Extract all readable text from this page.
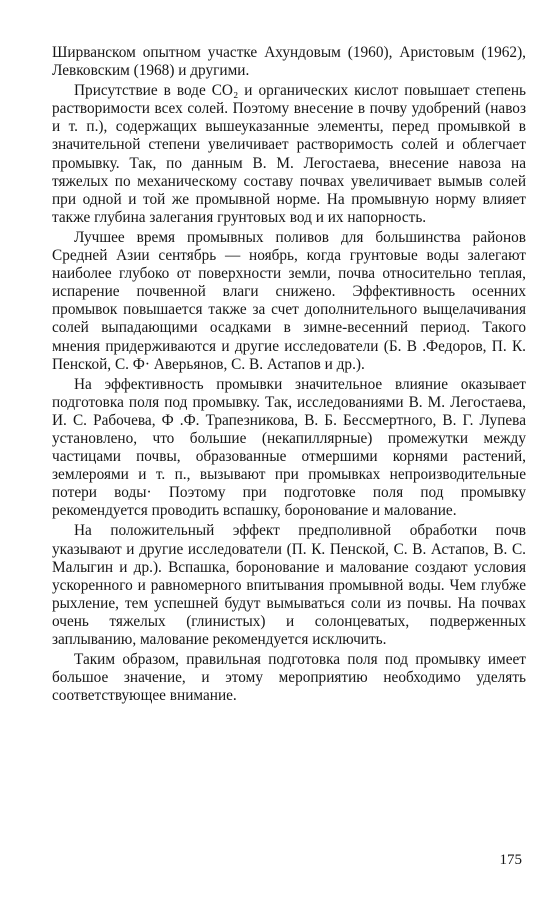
Ширванском опытном участке Ахундовым (1960), Аристовым (1962), Левковским (1968) и другими.

Присутствие в воде CO₂ и органических кислот повышает степень растворимости всех солей. Поэтому внесение в почву удобрений (навоз и т. п.), содержащих вышеуказанные элементы, перед промывкой в значительной степени увеличивает растворимость солей и облегчает промывку. Так, по данным В. М. Легостаева, внесение навоза на тяжелых по механическому составу почвах увеличивает вымыв солей при одной и той же промывной норме. На промывную норму влияет также глубина залегания грунтовых вод и их напорность.

Лучшее время промывных поливов для большинства районов Средней Азии сентябрь — ноябрь, когда грунтовые воды залегают наиболее глубоко от поверхности земли, почва относительно теплая, испарение почвенной влаги снижено. Эффективность осенних промывок повышается также за счет дополнительного выщелачивания солей выпадающими осадками в зимне-весенний период. Такого мнения придерживаются и другие исследователи (Б. В .Федоров, П. К. Пенской, С. Ф· Аверьянов, С. В. Астапов и др.).

На эффективность промывки значительное влияние оказывает подготовка поля под промывку. Так, исследованиями В. М. Легостаева, И. С. Рабочева, Ф .Ф. Трапезникова, В. Б. Бессмертного, В. Г. Лупева установлено, что большие (некапиллярные) промежутки между частицами почвы, образованные отмершими корнями растений, землероями и т. п., вызывают при промывках непроизводительные потери воды· Поэтому при подготовке поля под промывку рекомендуется проводить вспашку, боронование и малование.

На положительный эффект предполивной обработки почв указывают и другие исследователи (П. К. Пенской, С. В. Астапов, В. С. Малыгин и др.). Вспашка, боронование и малование создают условия ускоренного и равномерного впитывания промывной воды. Чем глубже рыхление, тем успешней будут вымываться соли из почвы. На почвах очень тяжелых (глинистых) и солонцеватых, подверженных заплыванию, малование рекомендуется исключить.

Таким образом, правильная подготовка поля под промывку имеет большое значение, и этому мероприятию необходимо уделять соответствующее внимание.

175
